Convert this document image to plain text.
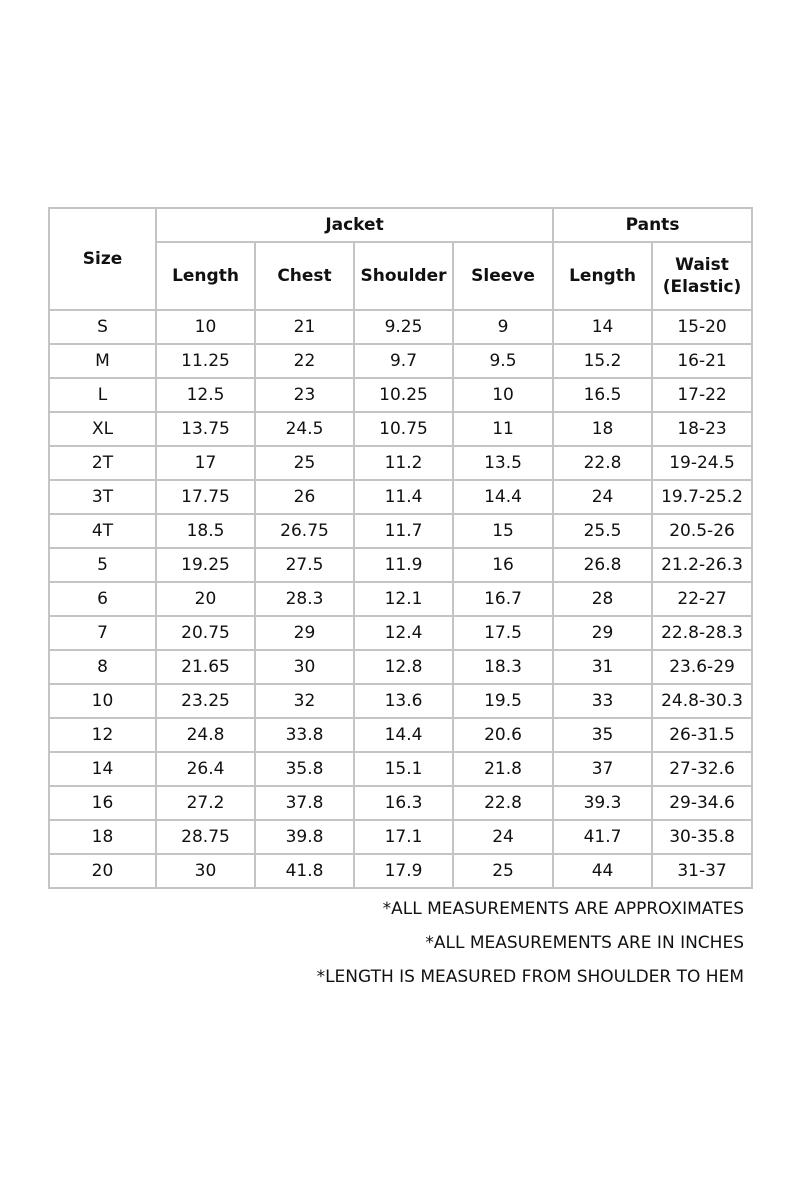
Size	Jacket				Pants	
	Length	Chest	Shoulder	Sleeve	Length	Waist
(Elastic)
S	10	21	9.25	9	14	15-20
M	11.25	22	9.7	9.5	15.2	16-21
L	12.5	23	10.25	10	16.5	17-22
XL	13.75	24.5	10.75	11	18	18-23
2T	17	25	11.2	13.5	22.8	19-24.5
3T	17.75	26	11.4	14.4	24	19.7-25.2
4T	18.5	26.75	11.7	15	25.5	20.5-26
5	19.25	27.5	11.9	16	26.8	21.2-26.3
6	20	28.3	12.1	16.7	28	22-27
7	20.75	29	12.4	17.5	29	22.8-28.3
8	21.65	30	12.8	18.3	31	23.6-29
10	23.25	32	13.6	19.5	33	24.8-30.3
12	24.8	33.8	14.4	20.6	35	26-31.5
14	26.4	35.8	15.1	21.8	37	27-32.6
16	27.2	37.8	16.3	22.8	39.3	29-34.6
18	28.75	39.8	17.1	24	41.7	30-35.8
20	30	41.8	17.9	25	44	31-37
*ALL MEASUREMENTS ARE APPROXIMATES
*ALL MEASUREMENTS ARE IN INCHES
*LENGTH IS MEASURED FROM SHOULDER TO HEM
